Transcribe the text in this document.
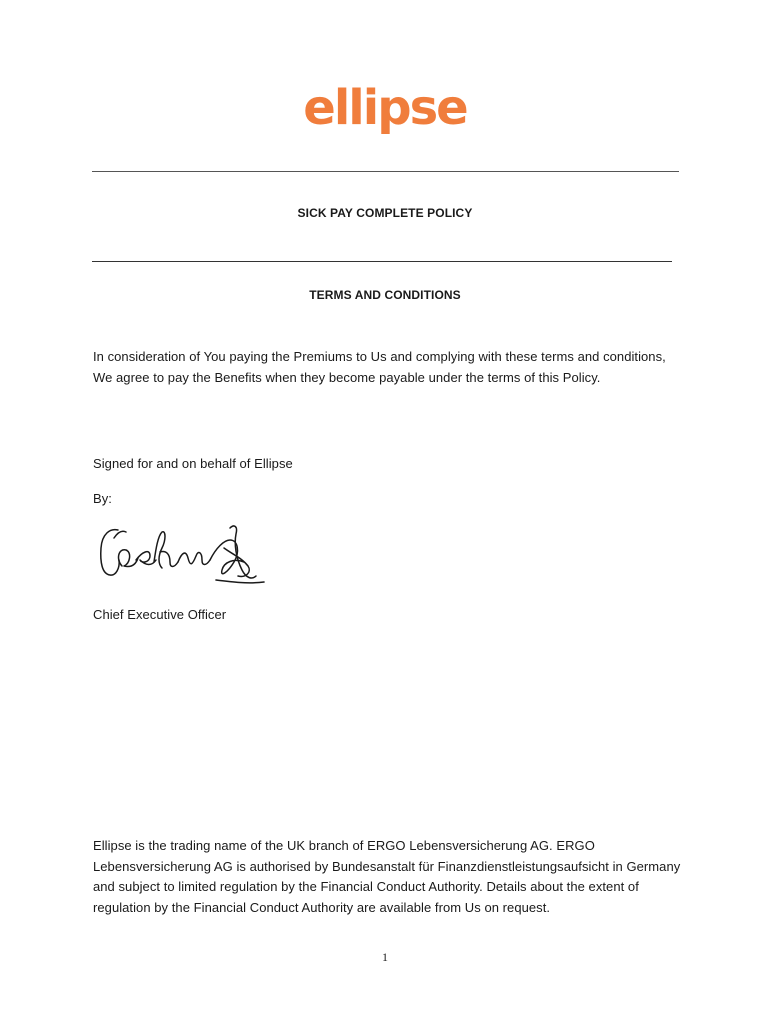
ellipse
SICK PAY COMPLETE POLICY
TERMS AND CONDITIONS
In consideration of You paying the Premiums to Us and complying with these terms and conditions, We agree to pay the Benefits when they become payable under the terms of this Policy.
Signed for and on behalf of Ellipse
By:
Chief Executive Officer
Ellipse is the trading name of the UK branch of ERGO Lebensversicherung AG. ERGO Lebensversicherung AG is authorised by Bundesanstalt für Finanzdienstleistungsaufsicht in Germany and subject to limited regulation by the Financial Conduct Authority. Details about the extent of regulation by the Financial Conduct Authority are available from Us on request.
1
